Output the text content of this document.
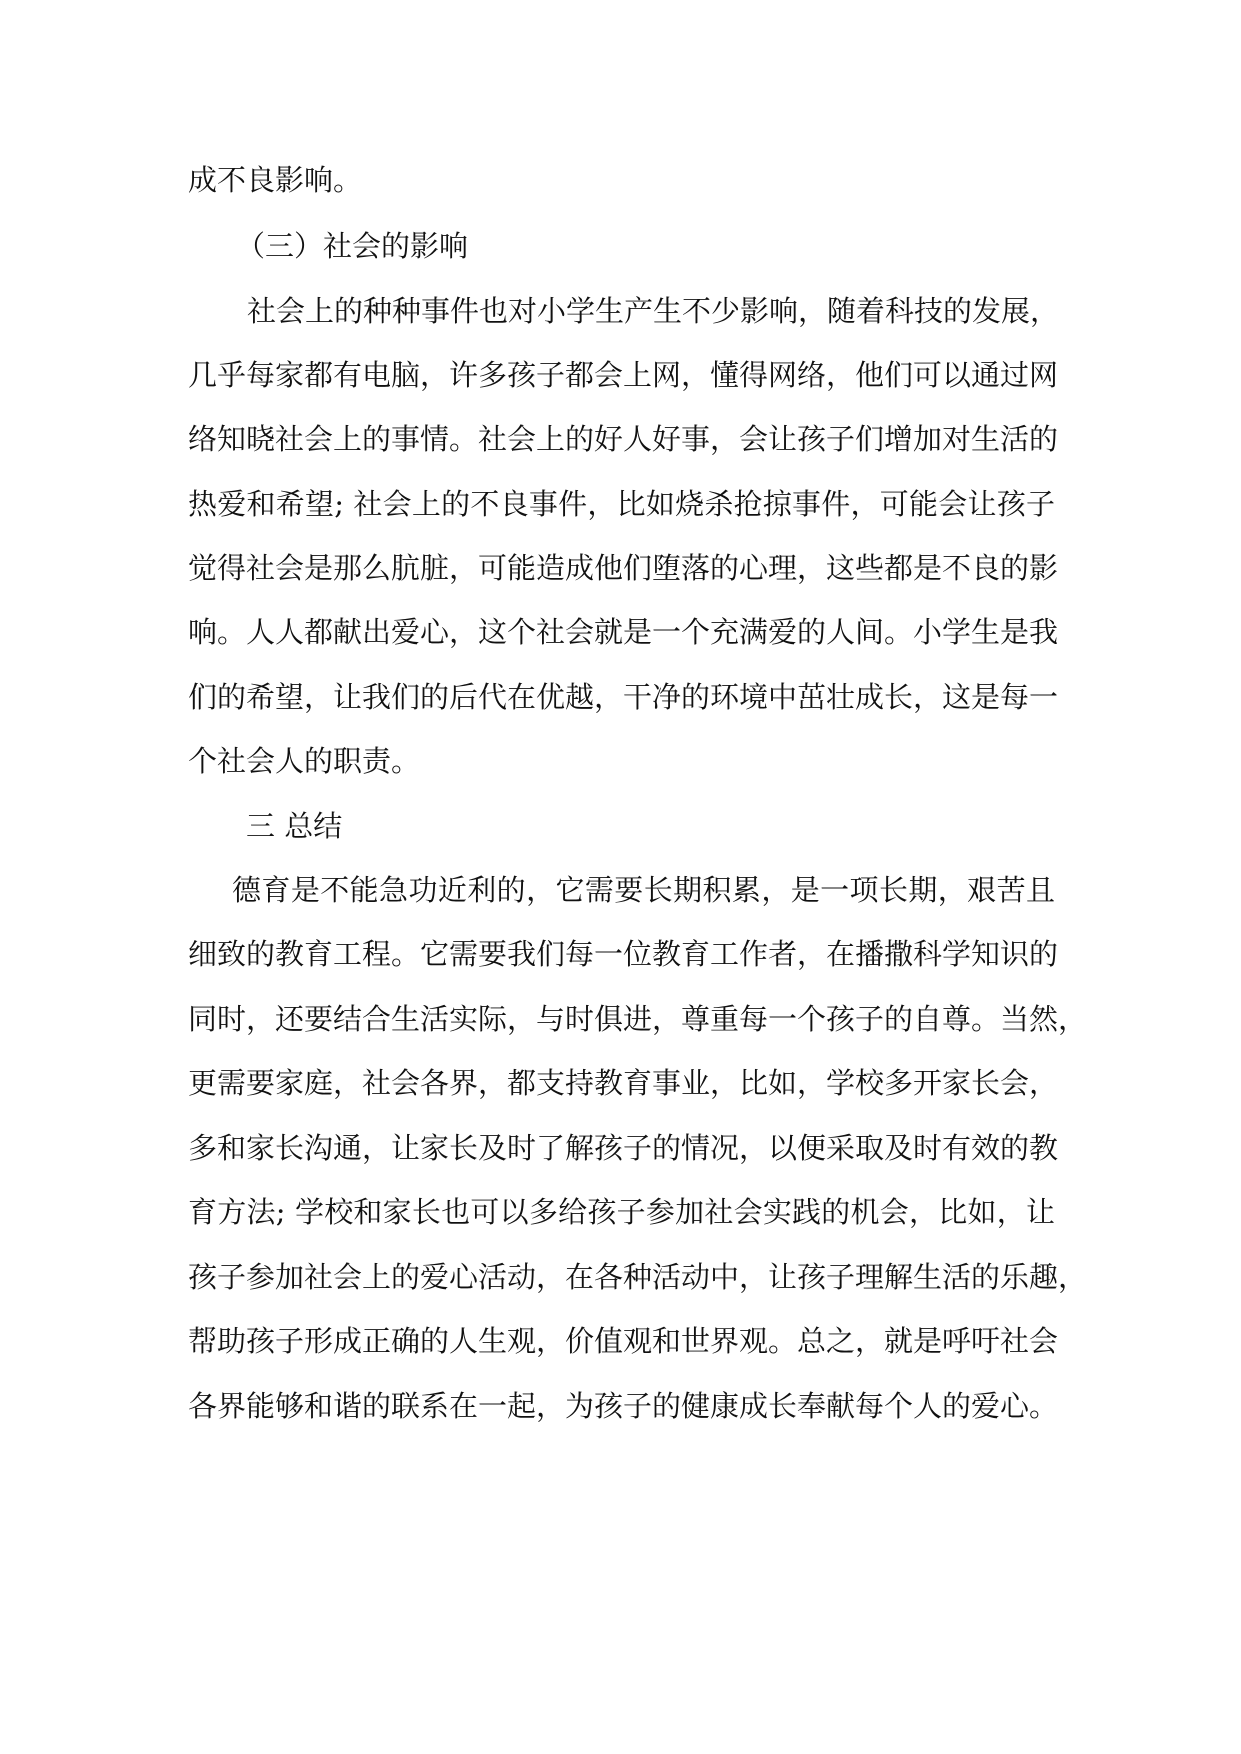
成不良影响。

（三）社会的影响

社会上的种种事件也对小学生产生不少影响，随着科技的发展，

几乎每家都有电脑，许多孩子都会上网，懂得网络，他们可以通过网

络知晓社会上的事情。社会上的好人好事，会让孩子们增加对生活的

热爱和希望; 社会上的不良事件，比如烧杀抢掠事件，可能会让孩子

觉得社会是那么肮脏，可能造成他们堕落的心理，这些都是不良的影

响。人人都献出爱心，这个社会就是一个充满爱的人间。小学生是我

们的希望，让我们的后代在优越，干净的环境中茁壮成长，这是每一

个社会人的职责。

三 总结

德育是不能急功近利的，它需要长期积累，是一项长期，艰苦且

细致的教育工程。它需要我们每一位教育工作者，在播撒科学知识的

同时，还要结合生活实际，与时俱进，尊重每一个孩子的自尊。当然，

更需要家庭，社会各界，都支持教育事业，比如，学校多开家长会，

多和家长沟通，让家长及时了解孩子的情况，以便采取及时有效的教

育方法; 学校和家长也可以多给孩子参加社会实践的机会，比如，让

孩子参加社会上的爱心活动，在各种活动中，让孩子理解生活的乐趣，

帮助孩子形成正确的人生观，价值观和世界观。总之，就是呼吁社会

各界能够和谐的联系在一起，为孩子的健康成长奉献每个人的爱心。
